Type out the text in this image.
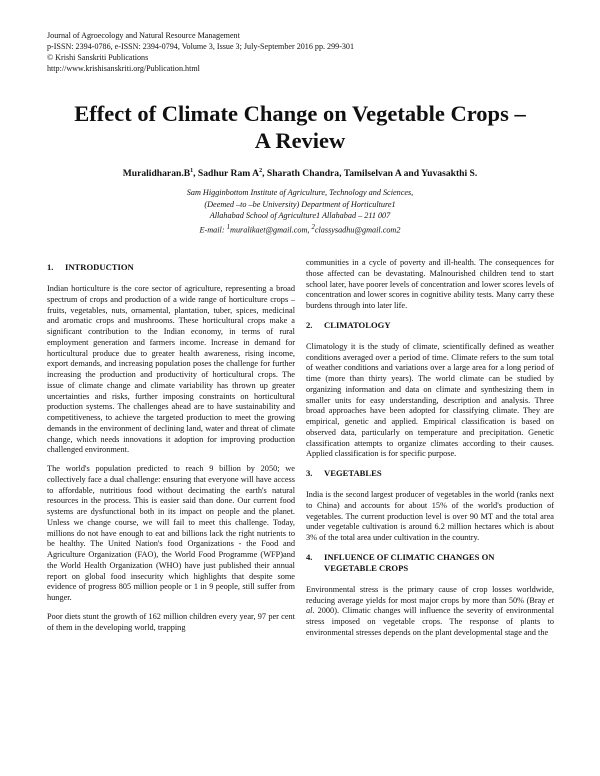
Journal of Agroecology and Natural Resource Management
p-ISSN: 2394-0786, e-ISSN: 2394-0794, Volume 3, Issue 3; July-September 2016 pp. 299-301
© Krishi Sanskriti Publications
http://www.krishisanskriti.org/Publication.html
Effect of Climate Change on Vegetable Crops –
A Review
$Muralidharan.B^1$, Sadhur Ram $A^2$, Sharath Chandra, Tamilselvan A and Yuvasakthi S.
Sam Higginbottom Institute of Agriculture, Technology and Sciences,
(Deemed –to –be University) Department of Horticulture1
Allahabad School of Agriculture1 Allahabad – 211 007
E-mail: $^1$muralikaet@gmail.com, $^2$classysadhu@gmail.com2
1. INTRODUCTION

Indian horticulture is the core sector of agriculture, representing a broad spectrum of crops and production of a wide range of horticulture crops – fruits, vegetables, nuts, ornamental, plantation, tuber, spices, medicinal and aromatic crops and mushrooms. These horticultural crops make a significant contribution to the Indian economy, in terms of rural employment generation and farmers income. Increase in demand for horticultural produce due to greater health awareness, rising income, export demands, and increasing population poses the challenge for further increasing the production and productivity of horticultural crops. The issue of climate change and climate variability has thrown up greater uncertainties and risks, further imposing constraints on horticultural production systems. The challenges ahead are to have sustainability and competitiveness, to achieve the targeted production to meet the growing demands in the environment of declining land, water and threat of climate change, which needs innovations it adoption for improving production challenged environment.

The world's population predicted to reach 9 billion by 2050; we collectively face a dual challenge: ensuring that everyone will have access to affordable, nutritious food without decimating the earth's natural resources in the process. This is easier said than done. Our current food systems are dysfunctional both in its impact on people and the planet. Unless we change course, we will fail to meet this challenge. Today, millions do not have enough to eat and billions lack the right nutrients to be healthy. The United Nation's food Organizations - the Food and Agriculture Organization (FAO), the World Food Programme (WFP)and the World Health Organization (WHO) have just published their annual report on global food insecurity which highlights that despite some evidence of progress 805 million people or 1 in 9 people, still suffer from hunger.

Poor diets stunt the growth of 162 million children every year, 97 per cent of them in the developing world, trapping

communities in a cycle of poverty and ill-health. The consequences for those affected can be devastating. Malnourished children tend to start school later, have poorer levels of concentration and lower scores levels of concentration and lower scores in cognitive ability tests. Many carry these burdens through into later life.

2. CLIMATOLOGY

Climatology it is the study of climate, scientifically defined as weather conditions averaged over a period of time. Climate refers to the sum total of weather conditions and variations over a large area for a long period of time (more than thirty years). The world climate can be studied by organizing information and data on climate and synthesizing them in smaller units for easy understanding, description and analysis. Three broad approaches have been adopted for classifying climate. They are empirical, genetic and applied. Empirical classification is based on observed data, particularly on temperature and precipitation. Genetic classification attempts to organize climates according to their causes. Applied classification is for specific purpose.

3. VEGETABLES

India is the second largest producer of vegetables in the world (ranks next to China) and accounts for about 15% of the world's production of vegetables. The current production level is over 90 MT and the total area under vegetable cultivation is around 6.2 million hectares which is about 3% of the total area under cultivation in the country.

4. INFLUENCE OF CLIMATIC CHANGES ON
VEGETABLE CROPS

Environmental stress is the primary cause of crop losses worldwide, reducing average yields for most major crops by more than 50% (Bray et al. 2000). Climatic changes will influence the severity of environmental stress imposed on vegetable crops. The response of plants to environmental stresses depends on the plant developmental stage and the
